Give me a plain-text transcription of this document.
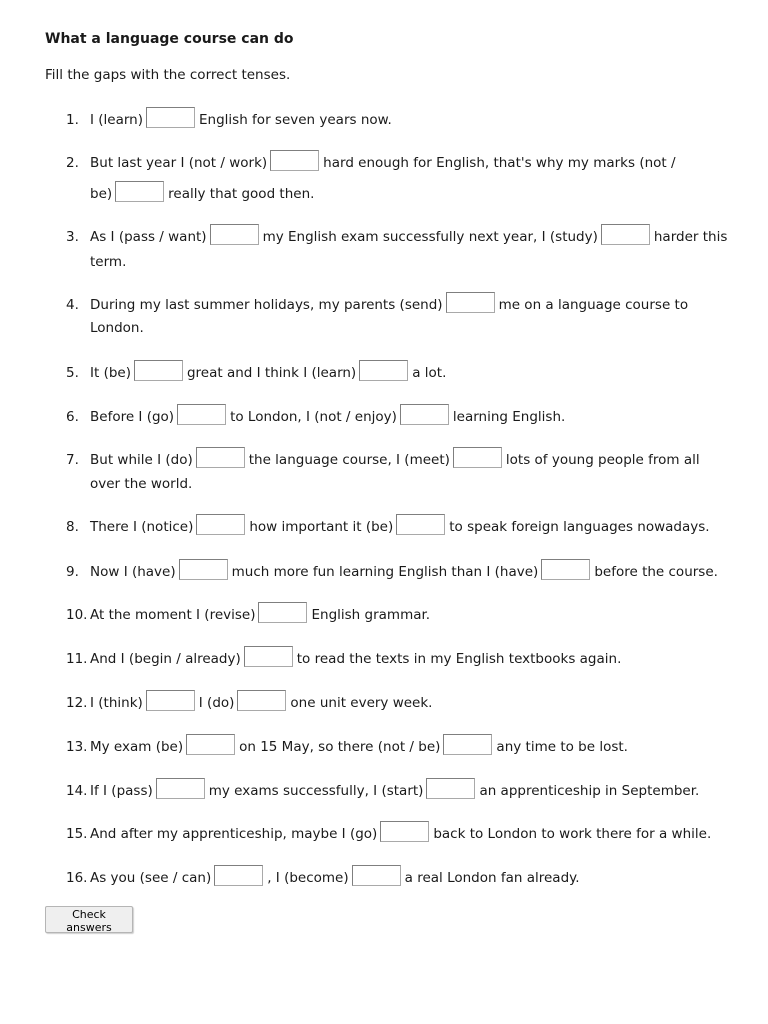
What a language course can do
Fill the gaps with the correct tenses.
1. I (learn)	English for seven years now.
2. But last year I (not / work)	hard enough for English, that's why my marks (not /
be)	really that good then.
3. As I (pass / want)	my English exam successfully next year, I (study)	harder this
term.
4. During my last summer holidays, my parents (send)	me on a language course to
London.
5. It (be)	great and I think I (learn)	a lot.
6. Before I (go)	to London, I (not / enjoy)	learning English.
7. But while I (do)	the language course, I (meet)	lots of young people from all
over the world.
8. There I (notice)	how important it (be)	to speak foreign languages nowadays.
9. Now I (have)	much more fun learning English than I (have)	before the course.
10. At the moment I (revise)	English grammar.
11. And I (begin / already)	to read the texts in my English textbooks again.
12. I (think)	I (do)	one unit every week.
13. My exam (be)	on 15 May, so there (not / be)	any time to be lost.
14. If I (pass)	my exams successfully, I (start)	an apprenticeship in September.
15. And after my apprenticeship, maybe I (go)	back to London to work there for a while.
16. As you (see / can)	, I (become)	a real London fan already.
Check answers
